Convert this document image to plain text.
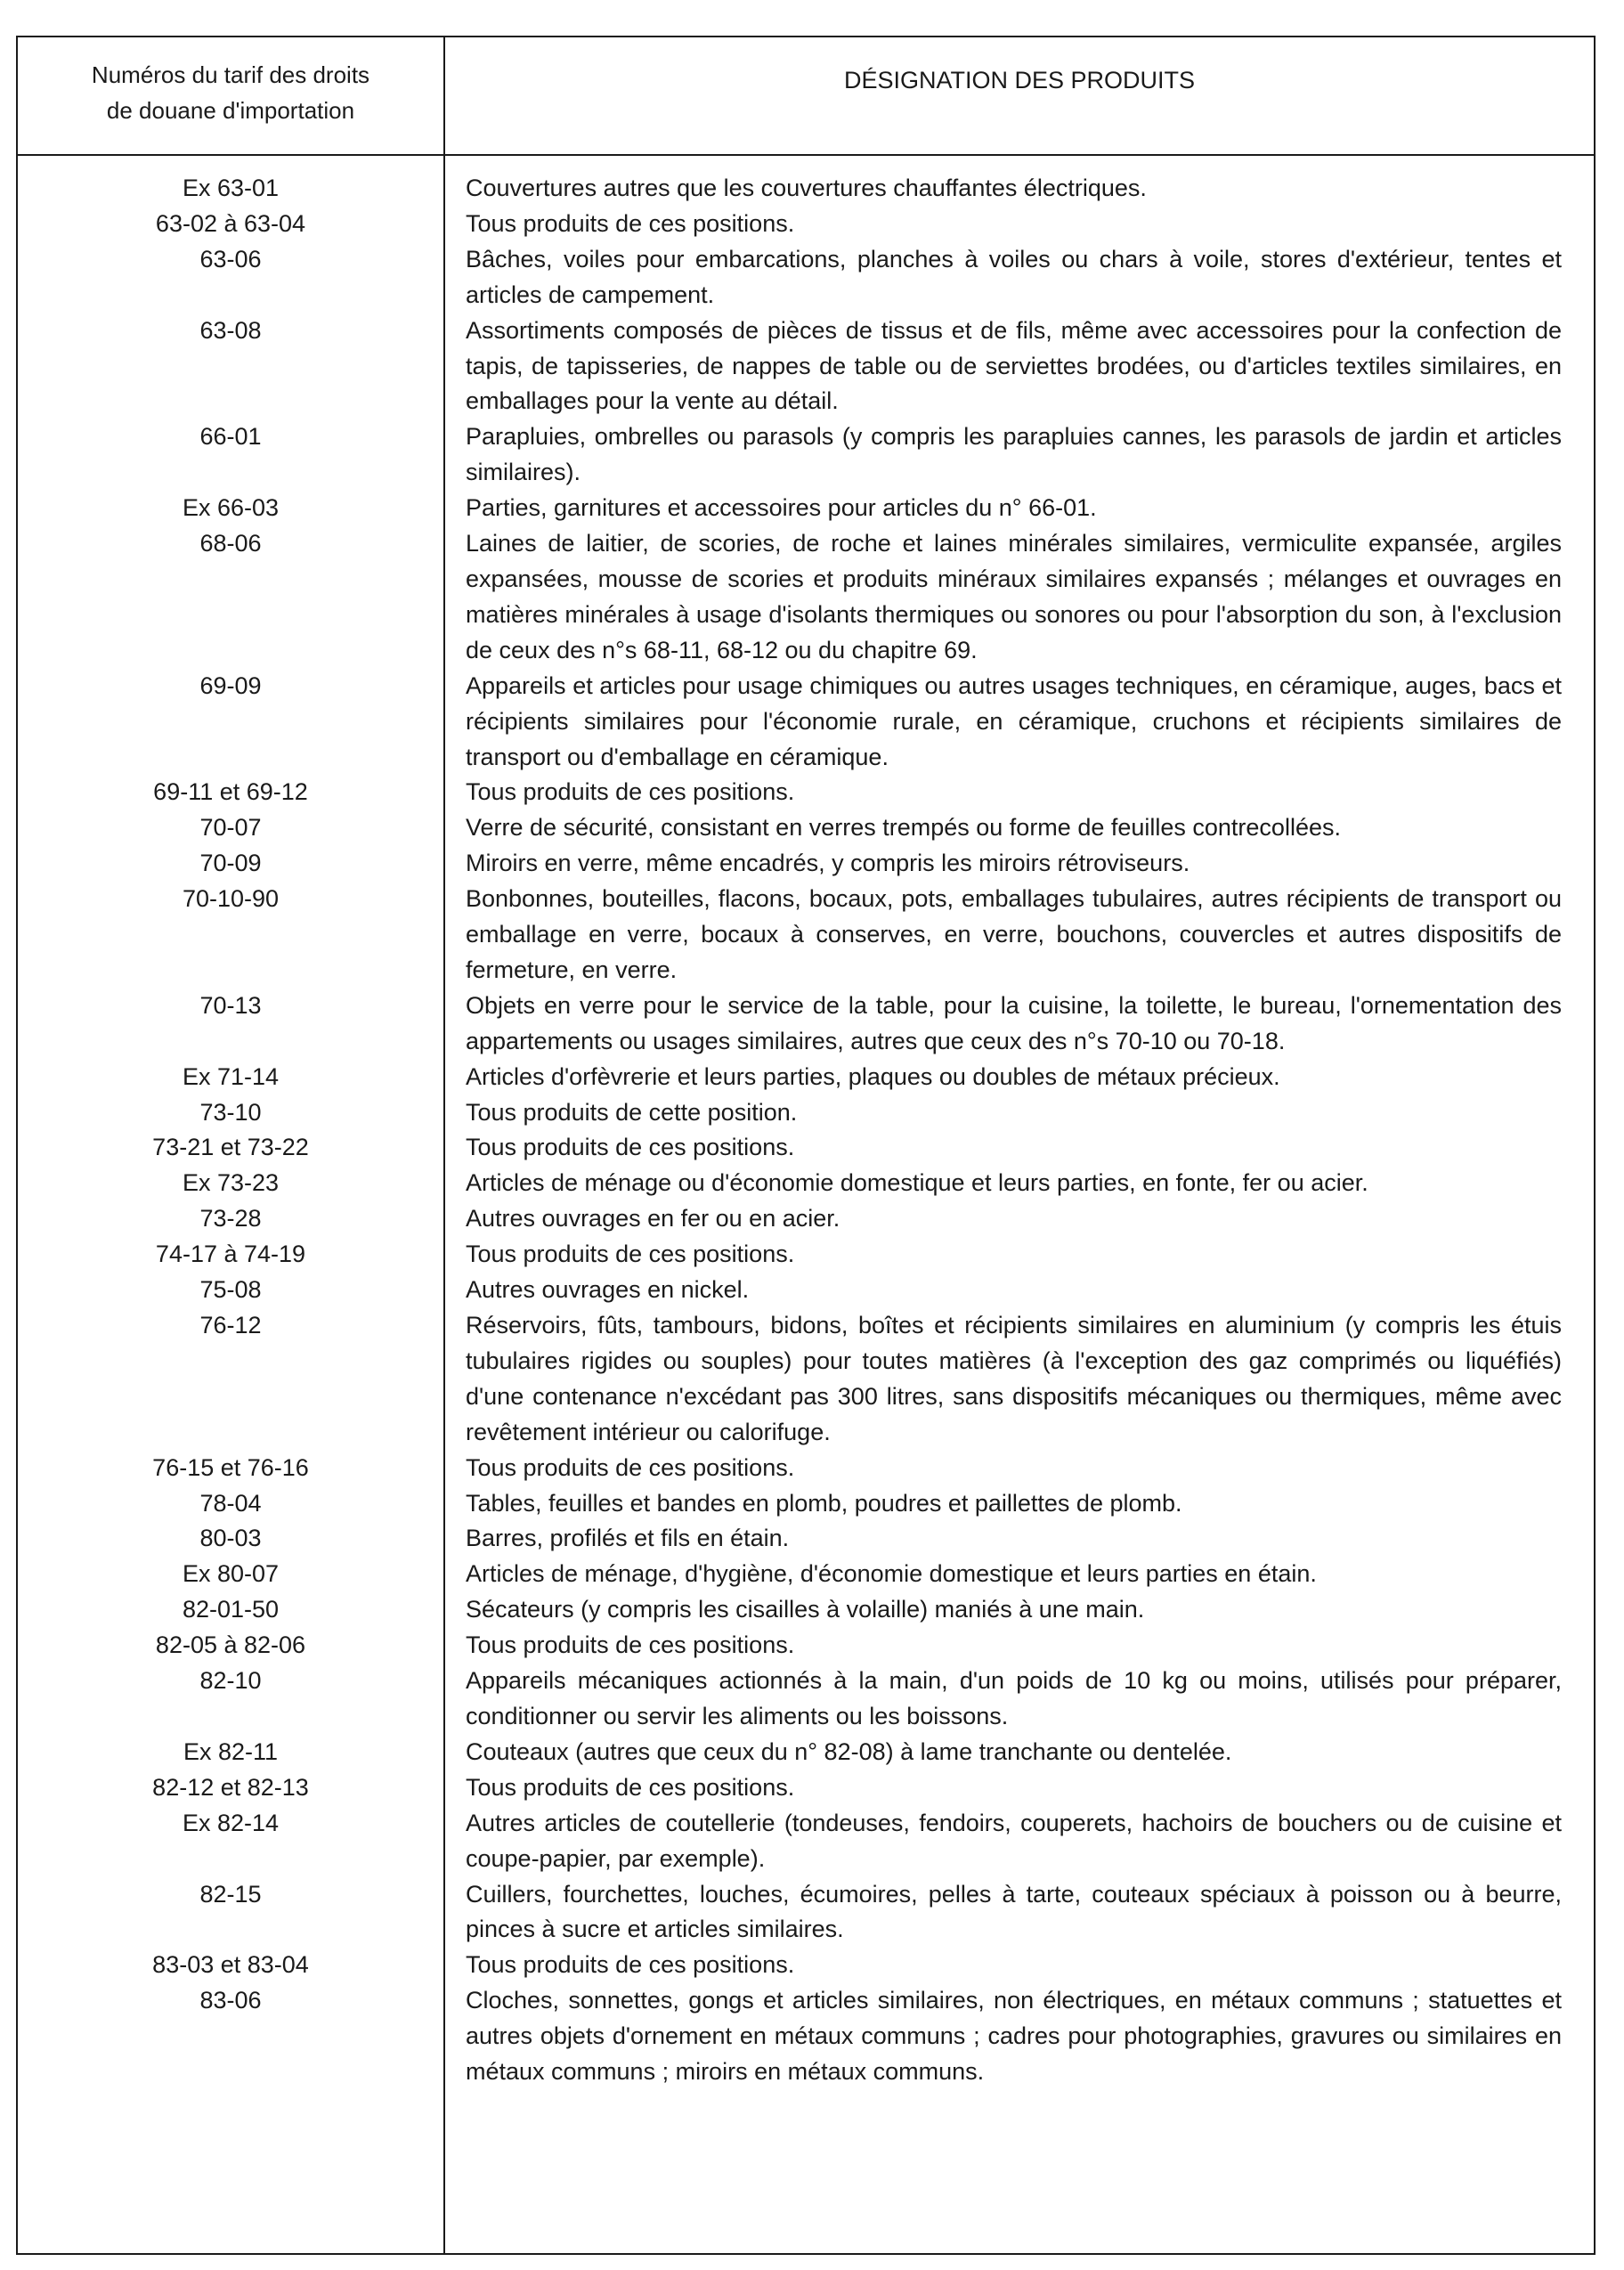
Numéros du tarif des droits
de douane d'importation
DÉSIGNATION DES PRODUITS
Ex 63-01	Couvertures autres que les couvertures chauffantes électriques.
63-02 à 63-04	Tous produits de ces positions.
63-06	Bâches, voiles pour embarcations, planches à voiles ou chars à voile, stores d'extérieur, tentes et articles de campement.
63-08	Assortiments composés de pièces de tissus et de fils, même avec accessoires pour la confection de tapis, de tapisseries, de nappes de table ou de serviettes brodées, ou d'articles textiles similaires, en emballages pour la vente au détail.
66-01	Parapluies, ombrelles ou parasols (y compris les parapluies cannes, les parasols de jardin et articles similaires).
Ex 66-03	Parties, garnitures et accessoires pour articles du n° 66-01.
68-06	Laines de laitier, de scories, de roche et laines minérales similaires, vermiculite expansée, argiles expansées, mousse de scories et produits minéraux similaires expansés ; mélanges et ouvrages en matières minérales à usage d'isolants thermiques ou sonores ou pour l'absorption du son, à l'exclusion de ceux des n°s 68-11, 68-12 ou du chapitre 69.
69-09	Appareils et articles pour usage chimiques ou autres usages techniques, en céramique, auges, bacs et récipients similaires pour l'économie rurale, en céramique, cruchons et récipients similaires de transport ou d'emballage en céramique.
69-11 et 69-12	Tous produits de ces positions.
70-07	Verre de sécurité, consistant en verres trempés ou forme de feuilles contrecollées.
70-09	Miroirs en verre, même encadrés, y compris les miroirs rétroviseurs.
70-10-90	Bonbonnes, bouteilles, flacons, bocaux, pots, emballages tubulaires, autres récipients de transport ou emballage en verre, bocaux à conserves, en verre, bouchons, couvercles et autres dispositifs de fermeture, en verre.
70-13	Objets en verre pour le service de la table, pour la cuisine, la toilette, le bureau, l'ornementation des appartements ou usages similaires, autres que ceux des n°s 70-10 ou 70-18.
Ex 71-14	Articles d'orfèvrerie et leurs parties, plaques ou doubles de métaux précieux.
73-10	Tous produits de cette position.
73-21 et 73-22	Tous produits de ces positions.
Ex 73-23	Articles de ménage ou d'économie domestique et leurs parties, en fonte, fer ou acier.
73-28	Autres ouvrages en fer ou en acier.
74-17 à 74-19	Tous produits de ces positions.
75-08	Autres ouvrages en nickel.
76-12	Réservoirs, fûts, tambours, bidons, boîtes et récipients similaires en aluminium (y compris les étuis tubulaires rigides ou souples) pour toutes matières (à l'exception des gaz comprimés ou liquéfiés) d'une contenance n'excédant pas 300 litres, sans dispositifs mécaniques ou thermiques, même avec revêtement intérieur ou calorifuge.
76-15 et 76-16	Tous produits de ces positions.
78-04	Tables, feuilles et bandes en plomb, poudres et paillettes de plomb.
80-03	Barres, profilés et fils en étain.
Ex 80-07	Articles de ménage, d'hygiène, d'économie domestique et leurs parties en étain.
82-01-50	Sécateurs (y compris les cisailles à volaille) maniés à une main.
82-05 à 82-06	Tous produits de ces positions.
82-10	Appareils mécaniques actionnés à la main, d'un poids de 10 kg ou moins, utilisés pour préparer, conditionner ou servir les aliments ou les boissons.
Ex 82-11	Couteaux (autres que ceux du n° 82-08) à lame tranchante ou dentelée.
82-12 et 82-13	Tous produits de ces positions.
Ex 82-14	Autres articles de coutellerie (tondeuses, fendoirs, couperets, hachoirs de bouchers ou de cuisine et coupe-papier, par exemple).
82-15	Cuillers, fourchettes, louches, écumoires, pelles à tarte, couteaux spéciaux à poisson ou à beurre, pinces à sucre et articles similaires.
83-03 et 83-04	Tous produits de ces positions.
83-06	Cloches, sonnettes, gongs et articles similaires, non électriques, en métaux communs ; statuettes et autres objets d'ornement en métaux communs ; cadres pour photographies, gravures ou similaires en métaux communs ; miroirs en métaux communs.
